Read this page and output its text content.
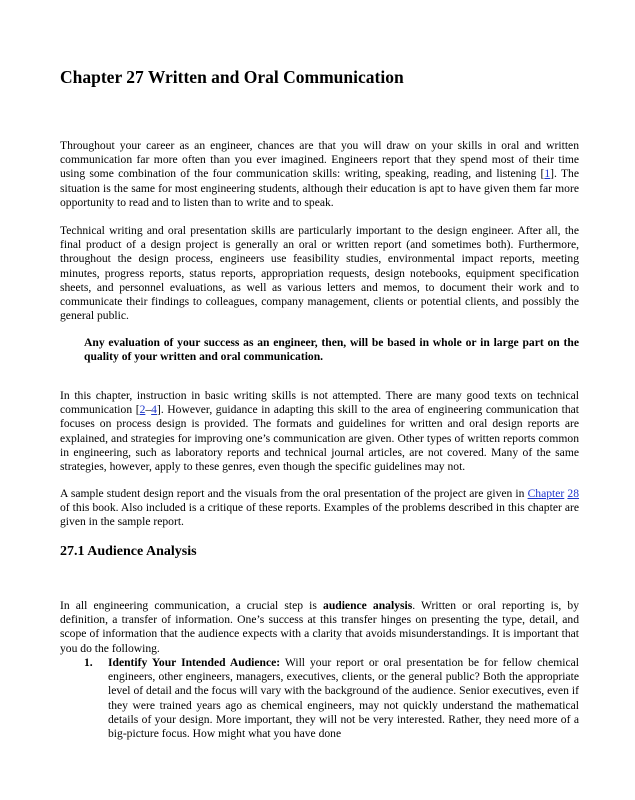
Chapter 27 Written and Oral Communication

Throughout your career as an engineer, chances are that you will draw on your skills in oral and written communication far more often than you ever imagined. Engineers report that they spend most of their time using some combination of the four communication skills: writing, speaking, reading, and listening [1]. The situation is the same for most engineering students, although their education is apt to have given them far more opportunity to read and to listen than to write and to speak.

Technical writing and oral presentation skills are particularly important to the design engineer. After all, the final product of a design project is generally an oral or written report (and sometimes both). Furthermore, throughout the design process, engineers use feasibility studies, environmental impact reports, meeting minutes, progress reports, status reports, appropriation requests, design notebooks, equipment specification sheets, and personnel evaluations, as well as various letters and memos, to document their work and to communicate their findings to colleagues, company management, clients or potential clients, and possibly the general public.

Any evaluation of your success as an engineer, then, will be based in whole or in large part on the quality of your written and oral communication.

In this chapter, instruction in basic writing skills is not attempted. There are many good texts on technical communication [2–4]. However, guidance in adapting this skill to the area of engineering communication that focuses on process design is provided. The formats and guidelines for written and oral design reports are explained, and strategies for improving one’s communication are given. Other types of written reports common in engineering, such as laboratory reports and technical journal articles, are not covered. Many of the same strategies, however, apply to these genres, even though the specific guidelines may not.

A sample student design report and the visuals from the oral presentation of the project are given in Chapter 28 of this book. Also included is a critique of these reports. Examples of the problems described in this chapter are given in the sample report.

27.1 Audience Analysis

In all engineering communication, a crucial step is audience analysis. Written or oral reporting is, by definition, a transfer of information. One’s success at this transfer hinges on presenting the type, detail, and scope of information that the audience expects with a clarity that avoids misunderstandings. It is important that you do the following.

1.	Identify Your Intended Audience: Will your report or oral presentation be for fellow chemical engineers, other engineers, managers, executives, clients, or the general public? Both the appropriate level of detail and the focus will vary with the background of the audience. Senior executives, even if they were trained years ago as chemical engineers, may not quickly understand the mathematical details of your design. More important, they will not be very interested. Rather, they need more of a big-picture focus. How might what you have done
